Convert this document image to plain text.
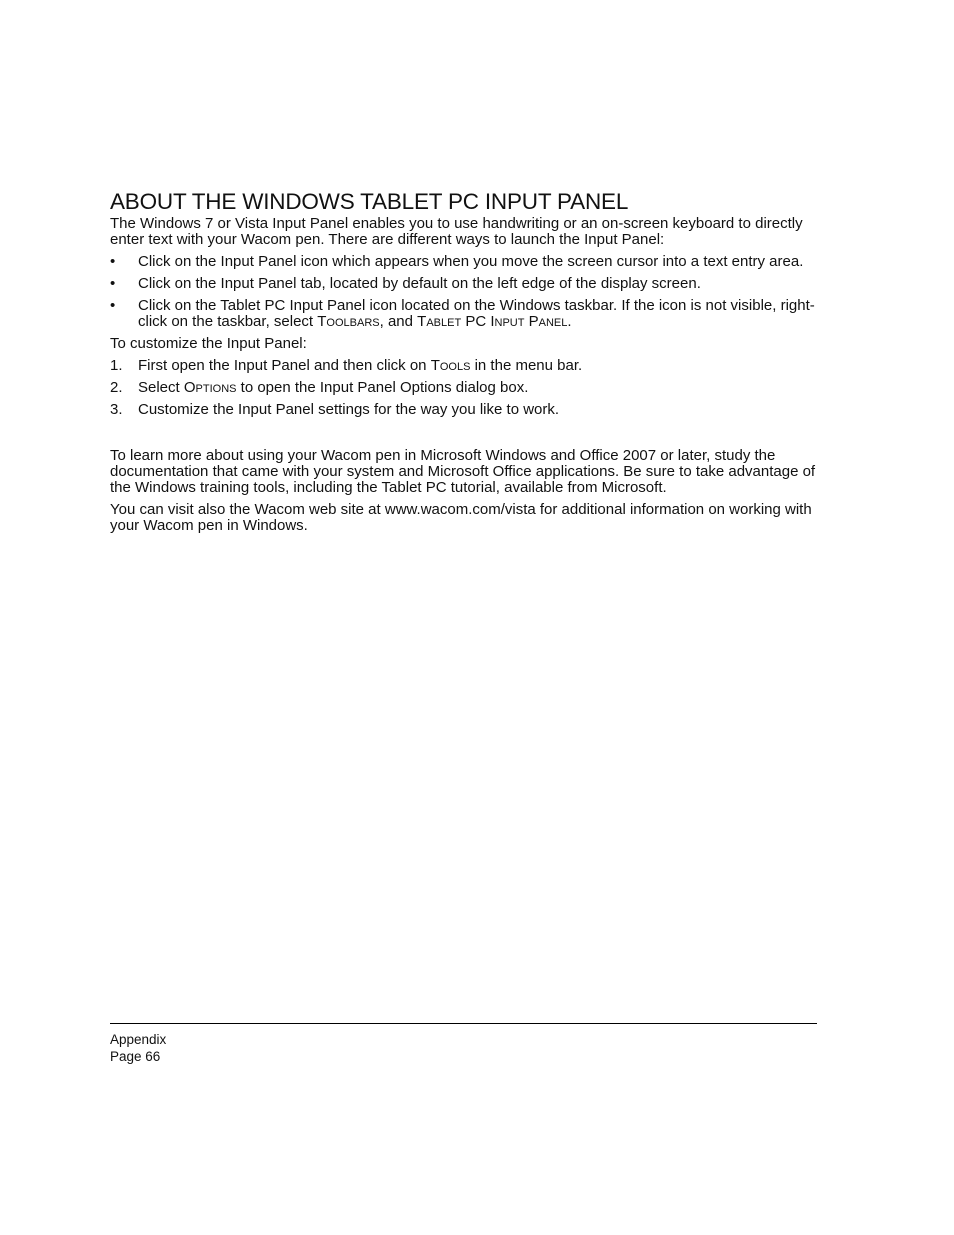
ABOUT THE WINDOWS TABLET PC INPUT PANEL

The Windows 7 or Vista Input Panel enables you to use handwriting or an on-screen keyboard to directly enter text with your Wacom pen. There are different ways to launch the Input Panel:

•	Click on the Input Panel icon which appears when you move the screen cursor into a text entry area.
•	Click on the Input Panel tab, located by default on the left edge of the display screen.
•	Click on the Tablet PC Input Panel icon located on the Windows taskbar. If the icon is not visible, right-click on the taskbar, select Toolbars, and Tablet PC Input Panel.

To customize the Input Panel:

1.	First open the Input Panel and then click on Tools in the menu bar.
2.	Select Options to open the Input Panel Options dialog box.
3.	Customize the Input Panel settings for the way you like to work.

To learn more about using your Wacom pen in Microsoft Windows and Office 2007 or later, study the documentation that came with your system and Microsoft Office applications. Be sure to take advantage of the Windows training tools, including the Tablet PC tutorial, available from Microsoft.

You can visit also the Wacom web site at www.wacom.com/vista for additional information on working with your Wacom pen in Windows.

Appendix
Page 66
